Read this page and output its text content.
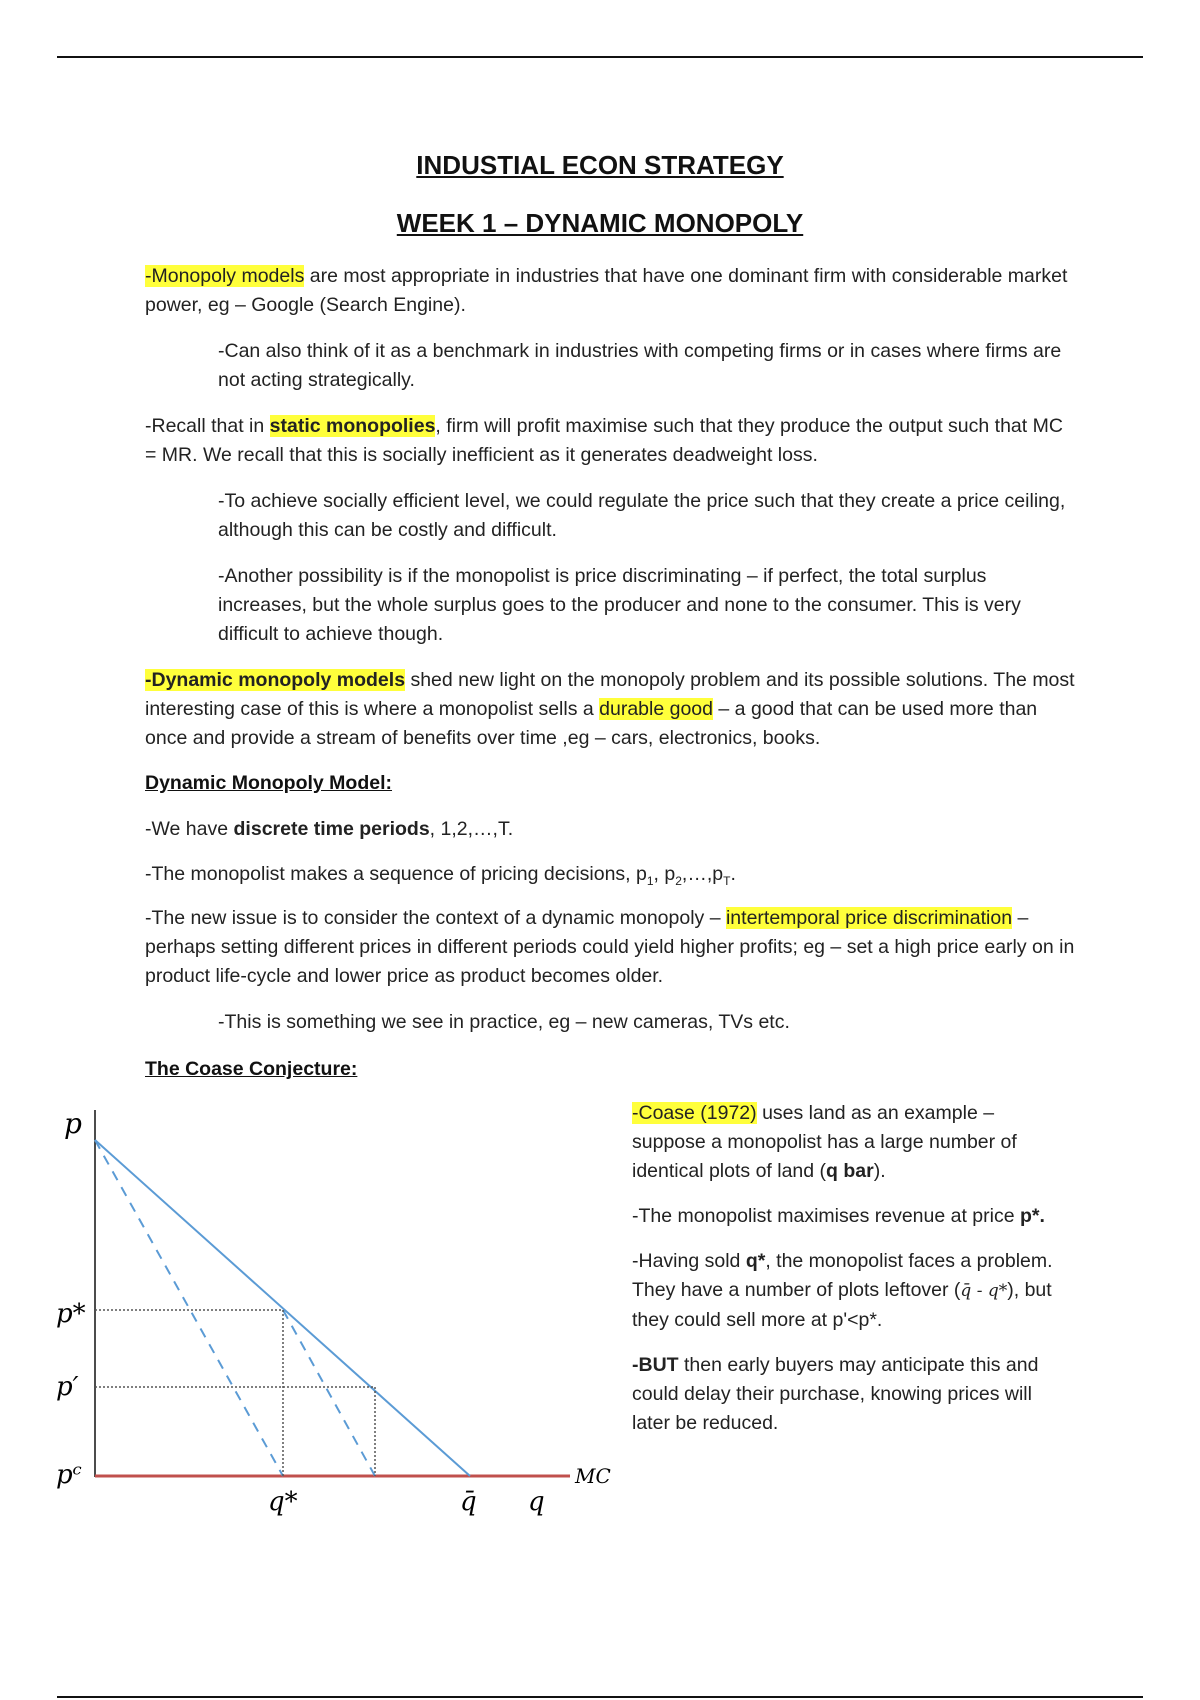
INDUSTIAL ECON STRATEGY
WEEK 1 – DYNAMIC MONOPOLY

-Monopoly models are most appropriate in industries that have one dominant firm with considerable market power, eg – Google (Search Engine).

-Can also think of it as a benchmark in industries with competing firms or in cases where firms are not acting strategically.

-Recall that in static monopolies, firm will profit maximise such that they produce the output such that MC = MR. We recall that this is socially inefficient as it generates deadweight loss.

-To achieve socially efficient level, we could regulate the price such that they create a price ceiling, although this can be costly and difficult.

-Another possibility is if the monopolist is price discriminating – if perfect, the total surplus increases, but the whole surplus goes to the producer and none to the consumer. This is very difficult to achieve though.

-Dynamic monopoly models shed new light on the monopoly problem and its possible solutions. The most interesting case of this is where a monopolist sells a durable good – a good that can be used more than once and provide a stream of benefits over time ,eg – cars, electronics, books.

Dynamic Monopoly Model:

-We have discrete time periods, 1,2,…,T.

-The monopolist makes a sequence of pricing decisions, $p_1$, $p_2,\dots,p_T$.

-The new issue is to consider the context of a dynamic monopoly – intertemporal price discrimination – perhaps setting different prices in different periods could yield higher profits; eg – set a high price early on in product life-cycle and lower price as product becomes older.

-This is something we see in practice, eg – new cameras, TVs etc.

The Coase Conjecture:

-Coase (1972) uses land as an example – suppose a monopolist has a large number of identical plots of land (q bar).

-The monopolist maximises revenue at price p*.

-Having sold q*, the monopolist faces a problem. They have a number of plots leftover (q̄ - q*), but they could sell more at p'<p*.

-BUT then early buyers may anticipate this and could delay their purchase, knowing prices will later be reduced.

p
p*
p′
pᶜ
q*	q̄ q
MC
